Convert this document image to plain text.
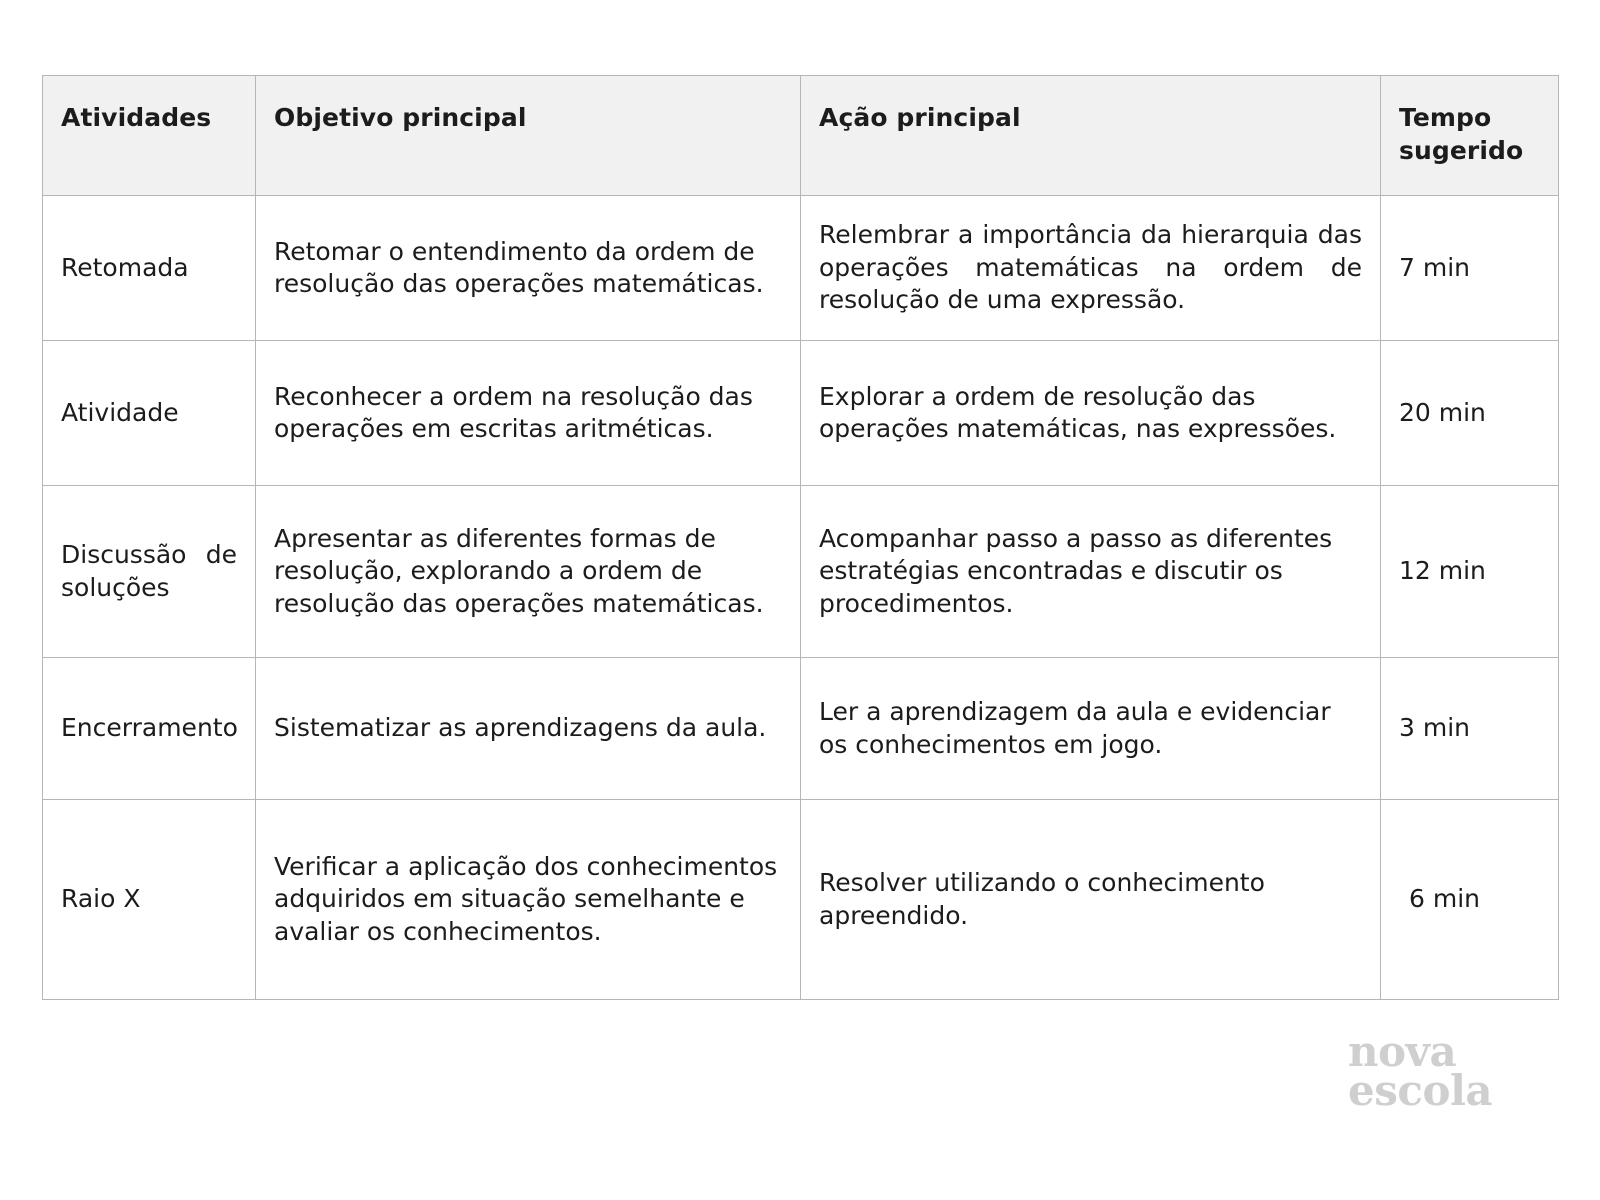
Atividades	Objetivo principal	Ação principal	Tempo
sugerido
Retomada	Retomar o entendimento da ordem de resolução das operações matemáticas.	Relembrar a importância da hierarquia das operações matemáticas na ordem de resolução de uma expressão.	7 min
Atividade	Reconhecer a ordem na resolução das operações em escritas aritméticas.	Explorar a ordem de resolução das operações matemáticas, nas expressões.	20 min
Discussão de soluções	Apresentar as diferentes formas de resolução, explorando a ordem de resolução das operações matemáticas.	Acompanhar passo a passo as diferentes estratégias encontradas e discutir os procedimentos.	12 min
Encerramento	Sistematizar as aprendizagens da aula.	Ler a aprendizagem da aula e evidenciar os conhecimentos em jogo.	3 min
Raio X	Verificar a aplicação dos conhecimentos adquiridos em situação semelhante e avaliar os conhecimentos.	Resolver utilizando o conhecimento apreendido.	6 min
nova
escola
